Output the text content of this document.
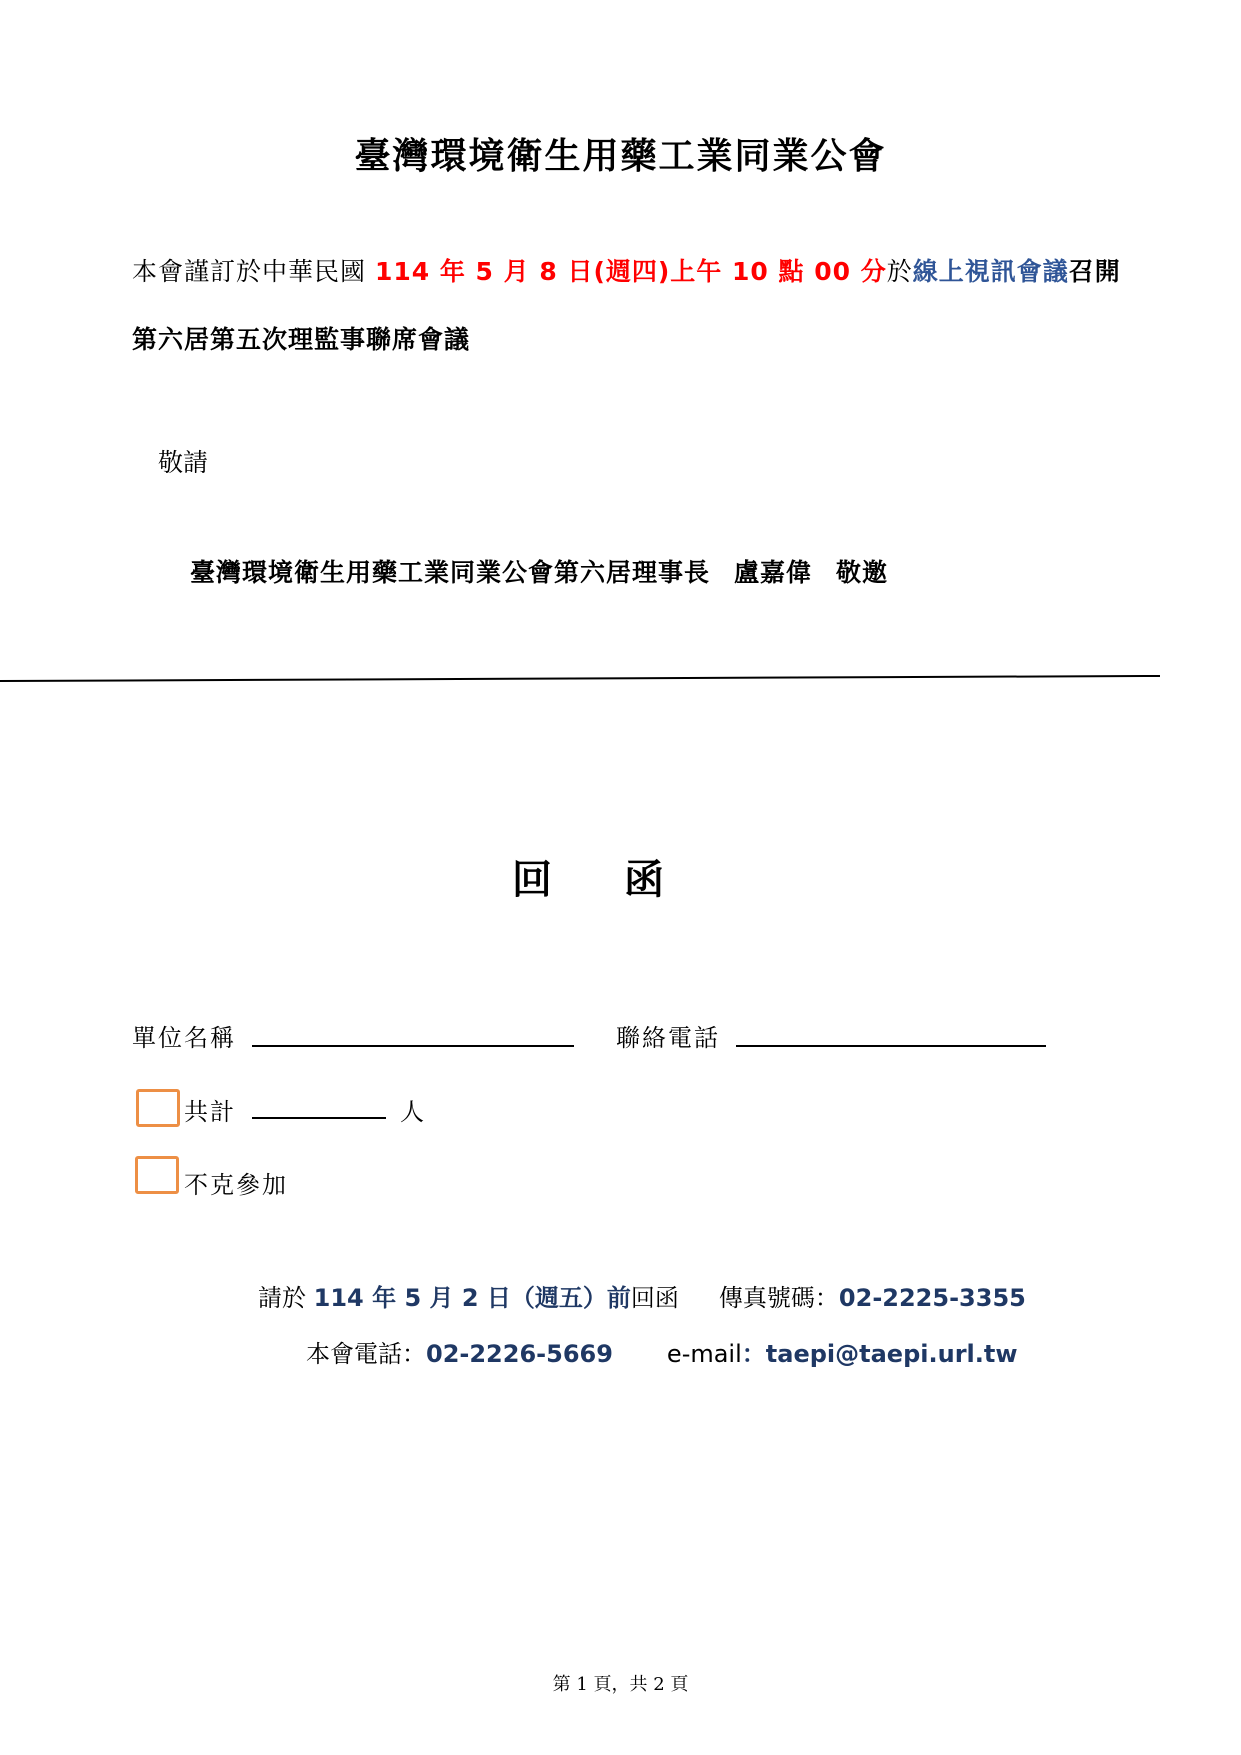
臺灣環境衛生用藥工業同業公會
本會謹訂於中華民國 114 年 5 月 8 日(週四)上午 10 點 00 分於線上視訊會議召開
第六居第五次理監事聯席會議
敬請
臺灣環境衛生用藥工業同業公會第六居理事長 盧嘉偉 敬邀
回 函
單位名稱	聯絡電話
共計	人
不克參加
請於 114 年 5 月 2 日（週五）前回函 傳真號碼：02-2225-3355
本會電話：02-2226-5669 e-mail：taepi@taepi.url.tw
第 1 頁，共 2 頁
